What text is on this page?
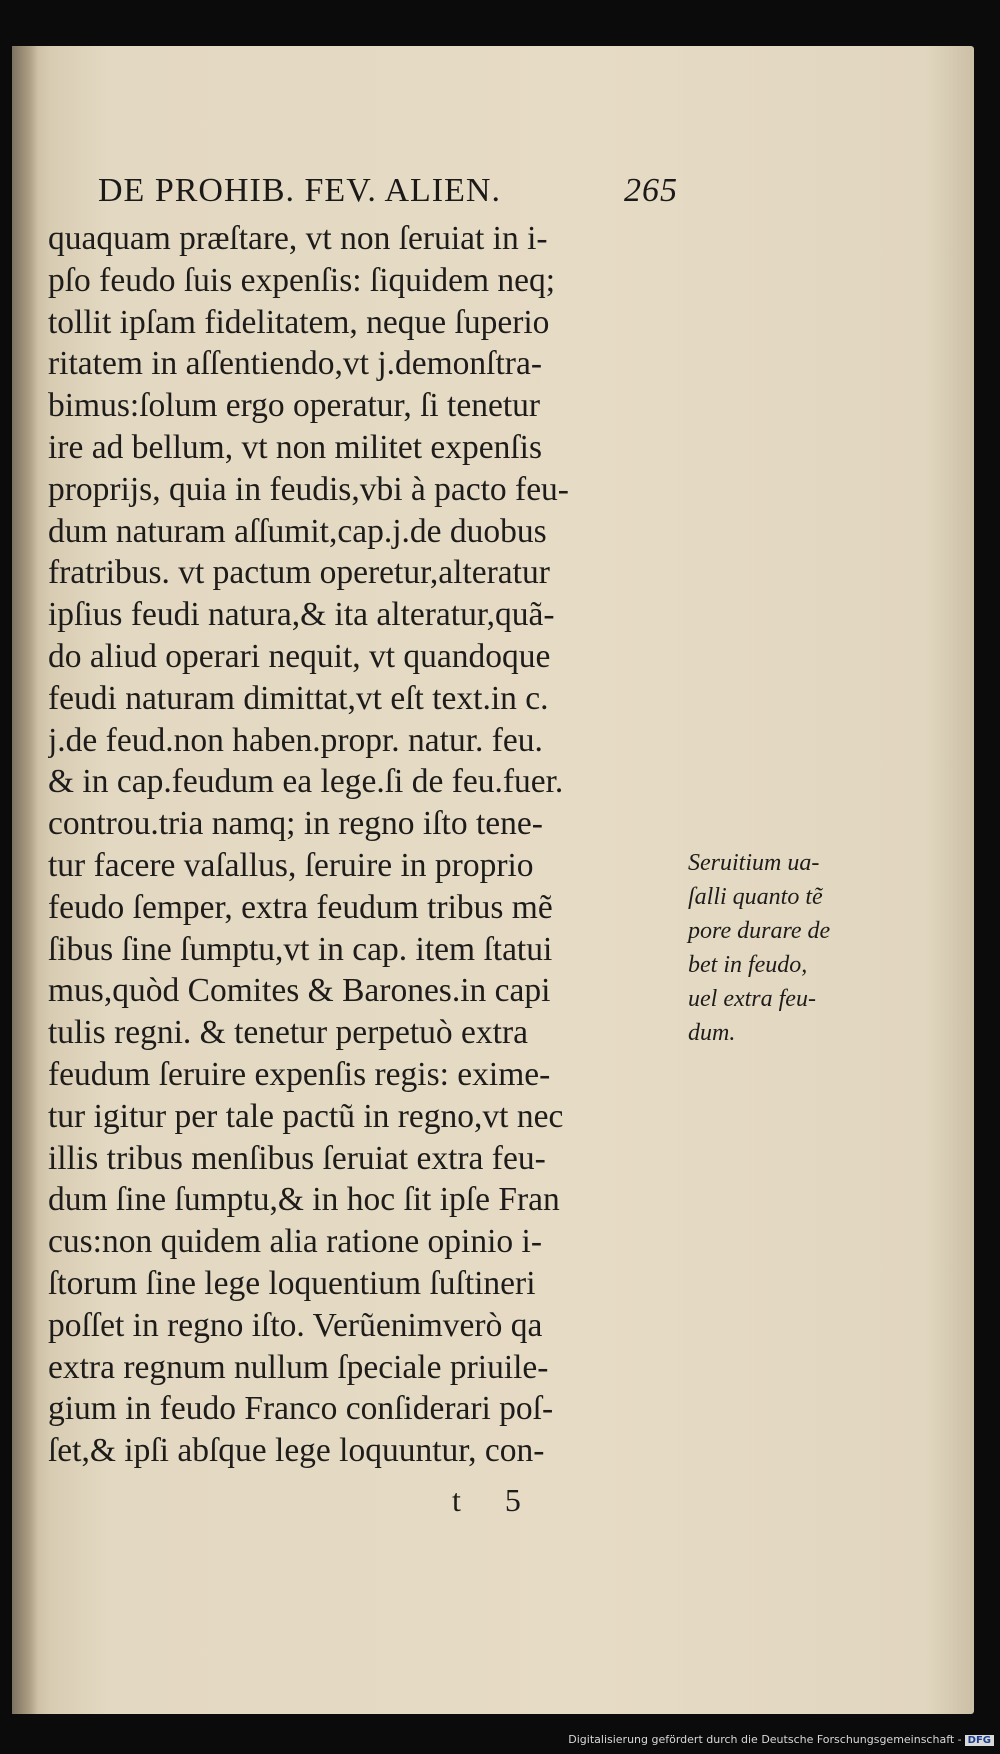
DE PROHIB. FEV. ALIEN.	265
quaquam præſtare, vt non ſeruiat in i-
pſo feudo ſuis expenſis: ſiquidem neq;
tollit ipſam fidelitatem, neque ſuperio
ritatem in aſſentiendo,vt j.demonſtra-
bimus:ſolum ergo operatur, ſi tenetur
ire ad bellum, vt non militet expenſis
proprijs, quia in feudis,vbi à pacto feu-
dum naturam aſſumit,cap.j.de duobus
fratribus. vt pactum operetur,alteratur
ipſius feudi natura,& ita alteratur,quã-
do aliud operari nequit, vt quandoque
feudi naturam dimittat,vt eſt text.in c.
j.de feud.non haben.propr. natur. feu.
& in cap.feudum ea lege.ſi de feu.fuer.
controu.tria namq; in regno iſto tene-
tur facere vaſallus, ſeruire in proprio
feudo ſemper, extra feudum tribus mẽ
ſibus ſine ſumptu,vt in cap. item ſtatui
mus,quòd Comites & Barones.in capi
tulis regni. & tenetur perpetuò extra
feudum ſeruire expenſis regis: exime-
tur igitur per tale pactũ in regno,vt nec
illis tribus menſibus ſeruiat extra feu-
dum ſine ſumptu,& in hoc ſit ipſe Fran
cus:non quidem alia ratione opinio i-
ſtorum ſine lege loquentium ſuſtineri
poſſet in regno iſto. Verũenimverò qa
extra regnum nullum ſpeciale priuile-
gium in feudo Franco conſiderari poſ-
ſet,& ipſi abſque lege loquuntur, con-
Seruitium ua-
ſalli quanto tẽ
pore durare de
bet in feudo,
uel extra feu-
dum.
t 5
Digitalisierung gefördert durch die Deutsche Forschungsgemeinschaft - DFG
